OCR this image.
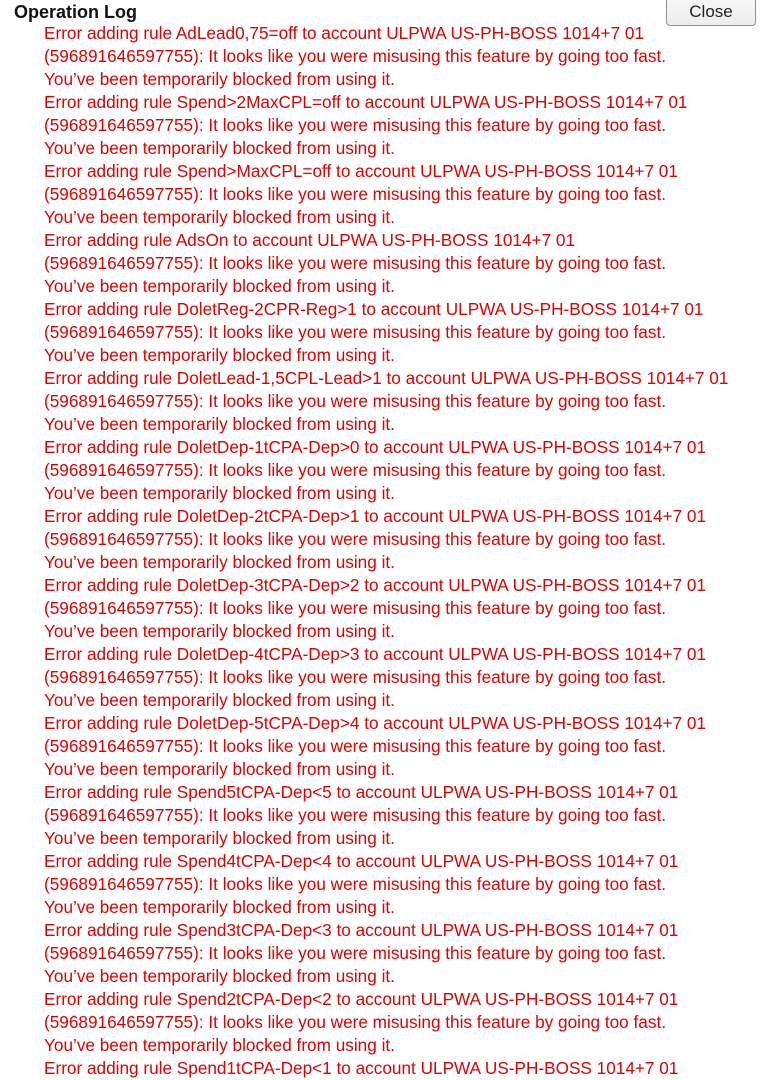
Operation Log	Close
Error adding rule AdLead0,75=off to account ULPWA US-PH-BOSS 1014+7 01
(596891646597755): It looks like you were misusing this feature by going too fast.
You’ve been temporarily blocked from using it.
Error adding rule Spend>2MaxCPL=off to account ULPWA US-PH-BOSS 1014+7 01
(596891646597755): It looks like you were misusing this feature by going too fast.
You’ve been temporarily blocked from using it.
Error adding rule Spend>MaxCPL=off to account ULPWA US-PH-BOSS 1014+7 01
(596891646597755): It looks like you were misusing this feature by going too fast.
You’ve been temporarily blocked from using it.
Error adding rule AdsOn to account ULPWA US-PH-BOSS 1014+7 01
(596891646597755): It looks like you were misusing this feature by going too fast.
You’ve been temporarily blocked from using it.
Error adding rule DoletReg-2CPR-Reg>1 to account ULPWA US-PH-BOSS 1014+7 01
(596891646597755): It looks like you were misusing this feature by going too fast.
You’ve been temporarily blocked from using it.
Error adding rule DoletLead-1,5CPL-Lead>1 to account ULPWA US-PH-BOSS 1014+7 01
(596891646597755): It looks like you were misusing this feature by going too fast.
You’ve been temporarily blocked from using it.
Error adding rule DoletDep-1tCPA-Dep>0 to account ULPWA US-PH-BOSS 1014+7 01
(596891646597755): It looks like you were misusing this feature by going too fast.
You’ve been temporarily blocked from using it.
Error adding rule DoletDep-2tCPA-Dep>1 to account ULPWA US-PH-BOSS 1014+7 01
(596891646597755): It looks like you were misusing this feature by going too fast.
You’ve been temporarily blocked from using it.
Error adding rule DoletDep-3tCPA-Dep>2 to account ULPWA US-PH-BOSS 1014+7 01
(596891646597755): It looks like you were misusing this feature by going too fast.
You’ve been temporarily blocked from using it.
Error adding rule DoletDep-4tCPA-Dep>3 to account ULPWA US-PH-BOSS 1014+7 01
(596891646597755): It looks like you were misusing this feature by going too fast.
You’ve been temporarily blocked from using it.
Error adding rule DoletDep-5tCPA-Dep>4 to account ULPWA US-PH-BOSS 1014+7 01
(596891646597755): It looks like you were misusing this feature by going too fast.
You’ve been temporarily blocked from using it.
Error adding rule Spend5tCPA-Dep<5 to account ULPWA US-PH-BOSS 1014+7 01
(596891646597755): It looks like you were misusing this feature by going too fast.
You’ve been temporarily blocked from using it.
Error adding rule Spend4tCPA-Dep<4 to account ULPWA US-PH-BOSS 1014+7 01
(596891646597755): It looks like you were misusing this feature by going too fast.
You’ve been temporarily blocked from using it.
Error adding rule Spend3tCPA-Dep<3 to account ULPWA US-PH-BOSS 1014+7 01
(596891646597755): It looks like you were misusing this feature by going too fast.
You’ve been temporarily blocked from using it.
Error adding rule Spend2tCPA-Dep<2 to account ULPWA US-PH-BOSS 1014+7 01
(596891646597755): It looks like you were misusing this feature by going too fast.
You’ve been temporarily blocked from using it.
Error adding rule Spend1tCPA-Dep<1 to account ULPWA US-PH-BOSS 1014+7 01
